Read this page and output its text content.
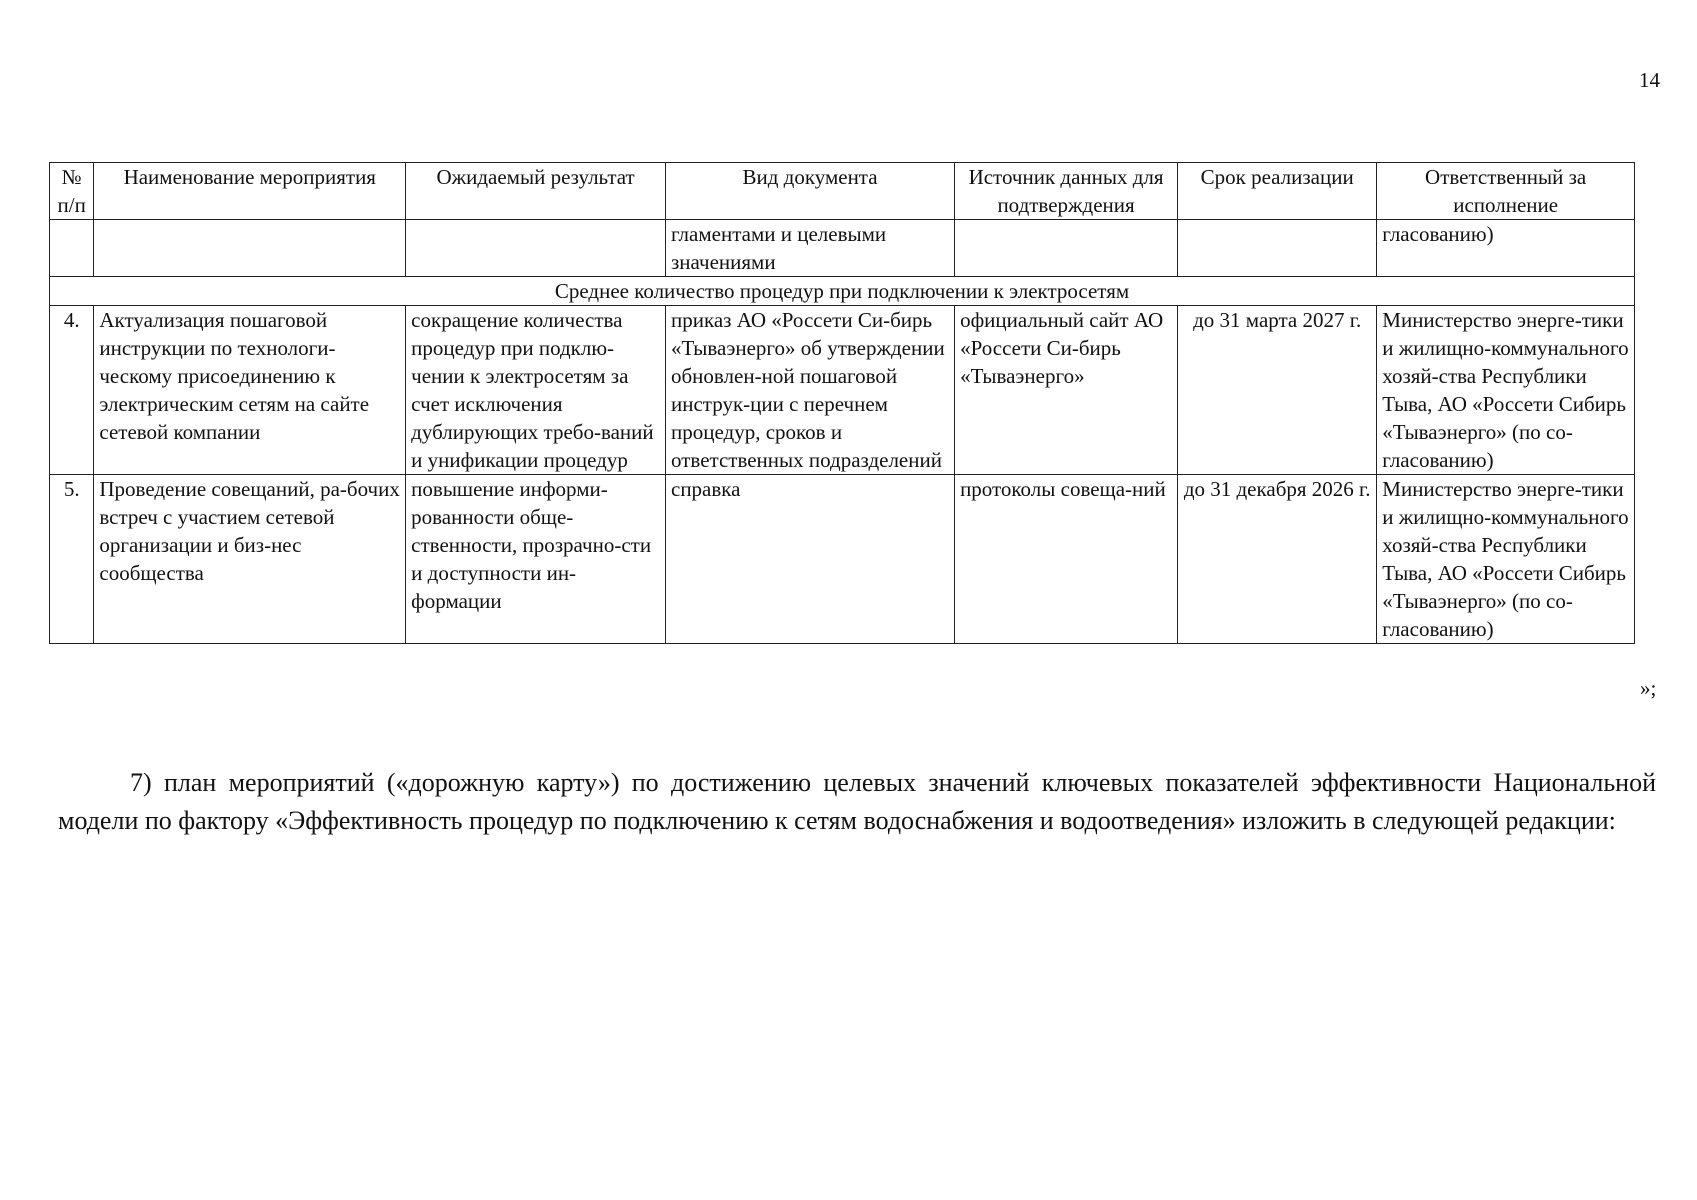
14
№ п/п	Наименование мероприятия	Ожидаемый результат	Вид документа	Источник данных для подтверждения	Срок реализации	Ответственный за исполнение
			гламентами и целевыми значениями			гласованию)
Среднее количество процедур при подключении к электросетям						
4.	Актуализация пошаговой инструкции по технологи-ческому присоединению к электрическим сетям на сайте сетевой компании	сокращение количества процедур при подклю-чении к электросетям за счет исключения дублирующих требо-ваний и унификации процедур	приказ АО «Россети Си-бирь «Тываэнерго» об утверждении обновлен-ной пошаговой инструк-ции с перечнем процедур, сроков и ответственных подразделений	официальный сайт АО «Россети Си-бирь «Тываэнерго»	до 31 марта 2027 г.	Министерство энерге-тики и жилищно-коммунального хозяй-ства Республики Тыва, АО «Россети Сибирь «Тываэнерго» (по со-гласованию)
5.	Проведение совещаний, ра-бочих встреч с участием сетевой организации и биз-нес сообщества	повышение информи-рованности обще-ственности, прозрачно-сти и доступности ин-формации	справка	протоколы совеща-ний	до 31 декабря 2026 г.	Министерство энерге-тики и жилищно-коммунального хозяй-ства Республики Тыва, АО «Россети Сибирь «Тываэнерго» (по со-гласованию)
»;

7) план мероприятий («дорожную карту») по достижению целевых значений ключевых показателей эффективности Национальной модели по фактору «Эффективность процедур по подключению к сетям водоснабжения и водоотведения» изложить в следующей редакции:
